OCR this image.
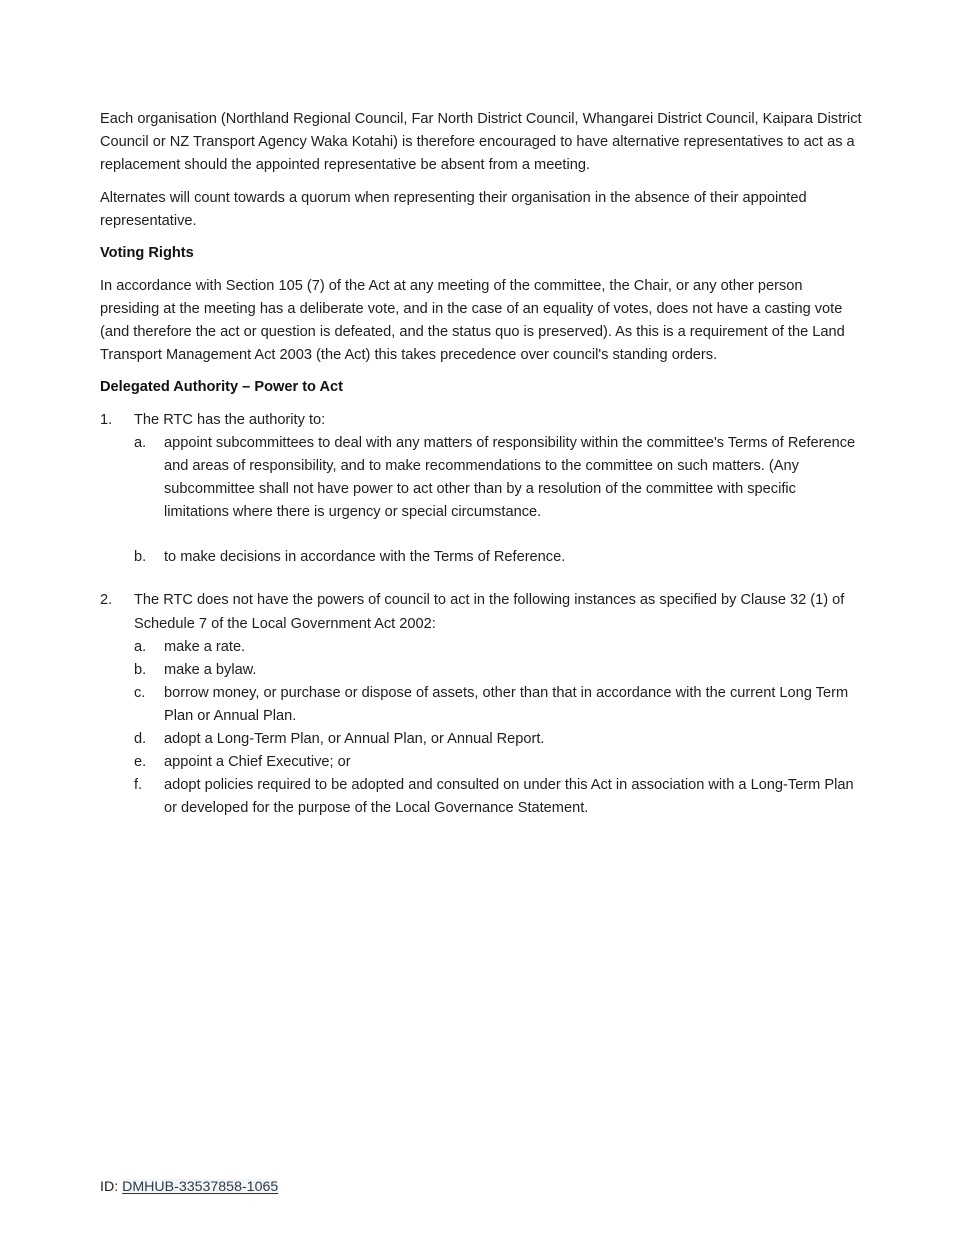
Each organisation (Northland Regional Council, Far North District Council, Whangarei District Council, Kaipara District Council or NZ Transport Agency Waka Kotahi) is therefore encouraged to have alternative representatives to act as a replacement should the appointed representative be absent from a meeting.

Alternates will count towards a quorum when representing their organisation in the absence of their appointed representative.

Voting Rights

In accordance with Section 105 (7) of the Act at any meeting of the committee, the Chair, or any other person presiding at the meeting has a deliberate vote, and in the case of an equality of votes, does not have a casting vote (and therefore the act or question is defeated, and the status quo is preserved). As this is a requirement of the Land Transport Management Act 2003 (the Act) this takes precedence over council's standing orders.

Delegated Authority – Power to Act
1.	The RTC has the authority to:
a.	appoint subcommittees to deal with any matters of responsibility within the committee's Terms of Reference and areas of responsibility, and to make recommendations to the committee on such matters. (Any subcommittee shall not have power to act other than by a resolution of the committee with specific limitations where there is urgency or special circumstance.
b.	to make decisions in accordance with the Terms of Reference.
2.	The RTC does not have the powers of council to act in the following instances as specified by Clause 32 (1) of Schedule 7 of the Local Government Act 2002:
a.	make a rate.
b.	make a bylaw.
c.	borrow money, or purchase or dispose of assets, other than that in accordance with the current Long Term Plan or Annual Plan.
d.	adopt a Long-Term Plan, or Annual Plan, or Annual Report.
e.	appoint a Chief Executive; or
f.	adopt policies required to be adopted and consulted on under this Act in association with a Long-Term Plan or developed for the purpose of the Local Governance Statement.
ID: DMHUB-33537858-1065
